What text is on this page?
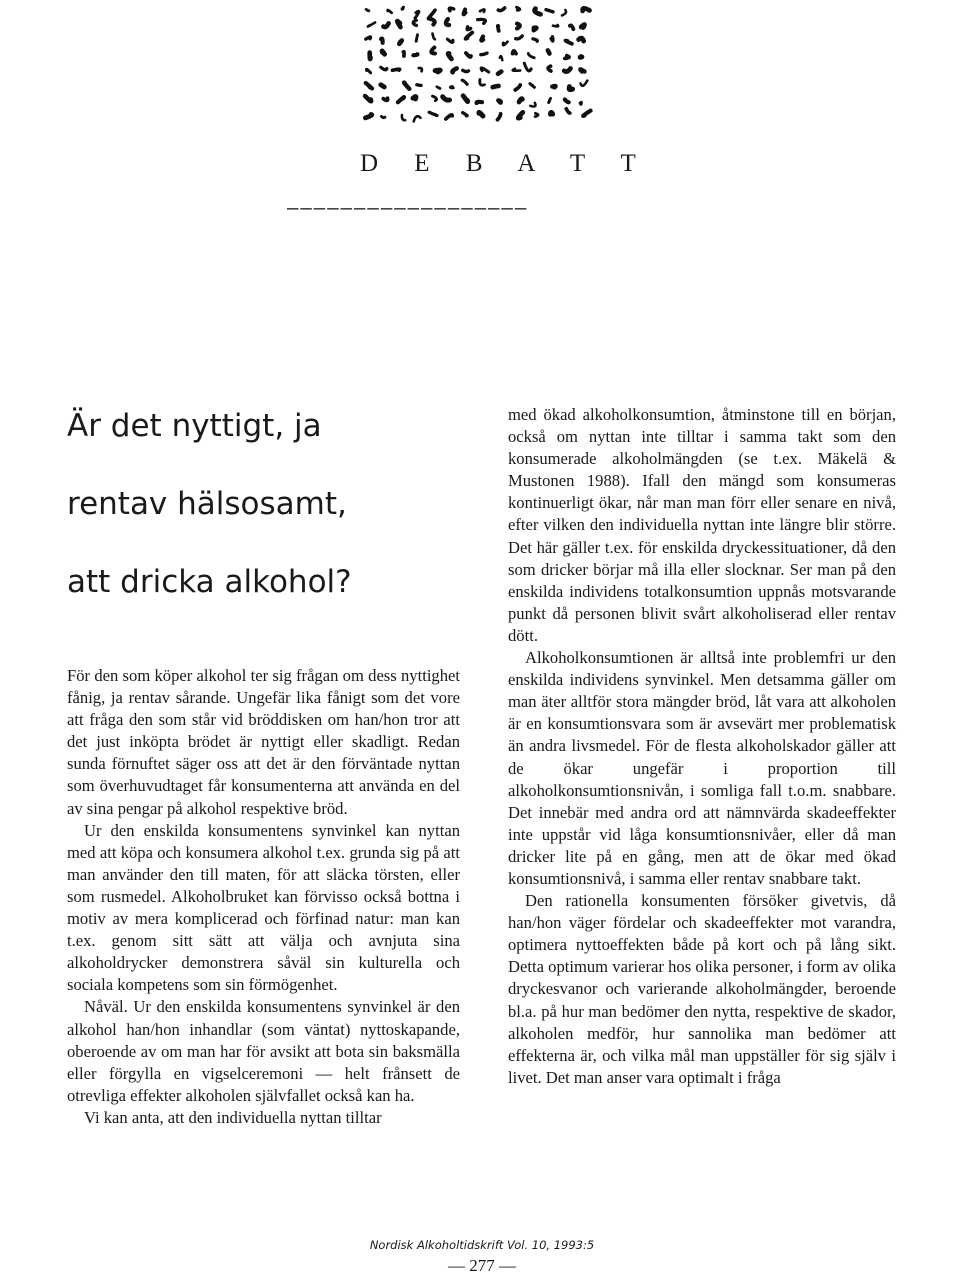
D E B A T T
——————————————————
Är det nyttigt, ja
rentav hälsosamt,
att dricka alkohol?

För den som köper alkohol ter sig frågan om dess nyttighet fånig, ja rentav sårande. Ungefär lika fånigt som det vore att fråga den som står vid bröddisken om han/hon tror att det just inköpta brödet är nyttigt eller skadligt. Redan sunda förnuftet säger oss att det är den förväntade nyttan som överhuvudtaget får konsumenterna att använda en del av sina pengar på alkohol respektive bröd.

Ur den enskilda konsumentens synvinkel kan nyttan med att köpa och konsumera alkohol t.ex. grunda sig på att man använder den till maten, för att släcka törsten, eller som rusmedel. Alkoholbruket kan förvisso också bottna i motiv av mera komplicerad och förfinad natur: man kan t.ex. genom sitt sätt att välja och avnjuta sina alkoholdrycker demonstrera såväl sin kulturella och sociala kompetens som sin förmögenhet.

Nåväl. Ur den enskilda konsumentens synvinkel är den alkohol han/hon inhandlar (som väntat) nyttoskapande, oberoende av om man har för avsikt att bota sin baksmälla eller förgylla en vigselceremoni — helt frånsett de otrevliga effekter alkoholen självfallet också kan ha.

Vi kan anta, att den individuella nyttan tilltar

med ökad alkoholkonsumtion, åtminstone till en början, också om nyttan inte tilltar i samma takt som den konsumerade alkoholmängden (se t.ex. Mäkelä & Mustonen 1988). Ifall den mängd som konsumeras kontinuerligt ökar, når man man förr eller senare en nivå, efter vilken den individuella nyttan inte längre blir större. Det här gäller t.ex. för enskilda dryckessituationer, då den som dricker börjar må illa eller slocknar. Ser man på den enskilda individens totalkonsumtion uppnås motsvarande punkt då personen blivit svårt alkoholiserad eller rentav dött.

Alkoholkonsumtionen är alltså inte problemfri ur den enskilda individens synvinkel. Men detsamma gäller om man äter alltför stora mängder bröd, låt vara att alkoholen är en konsumtionsvara som är avsevärt mer problematisk än andra livsmedel. För de flesta alkoholskador gäller att de ökar ungefär i proportion till alkoholkonsumtionsnivån, i somliga fall t.o.m. snabbare. Det innebär med andra ord att nämnvärda skadeeffekter inte uppstår vid låga konsumtionsnivåer, eller då man dricker lite på en gång, men att de ökar med ökad konsumtionsnivå, i samma eller rentav snabbare takt.

Den rationella konsumenten försöker givetvis, då han/hon väger fördelar och skadeeffekter mot varandra, optimera nyttoeffekten både på kort och på lång sikt. Detta optimum varierar hos olika personer, i form av olika dryckesvanor och varierande alkoholmängder, beroende bl.a. på hur man bedömer den nytta, respektive de skador, alkoholen medför, hur sannolika man bedömer att effekterna är, och vilka mål man uppställer för sig själv i livet. Det man anser vara optimalt i fråga

Nordisk Alkoholtidskrift Vol. 10, 1993:5
— 277 —
